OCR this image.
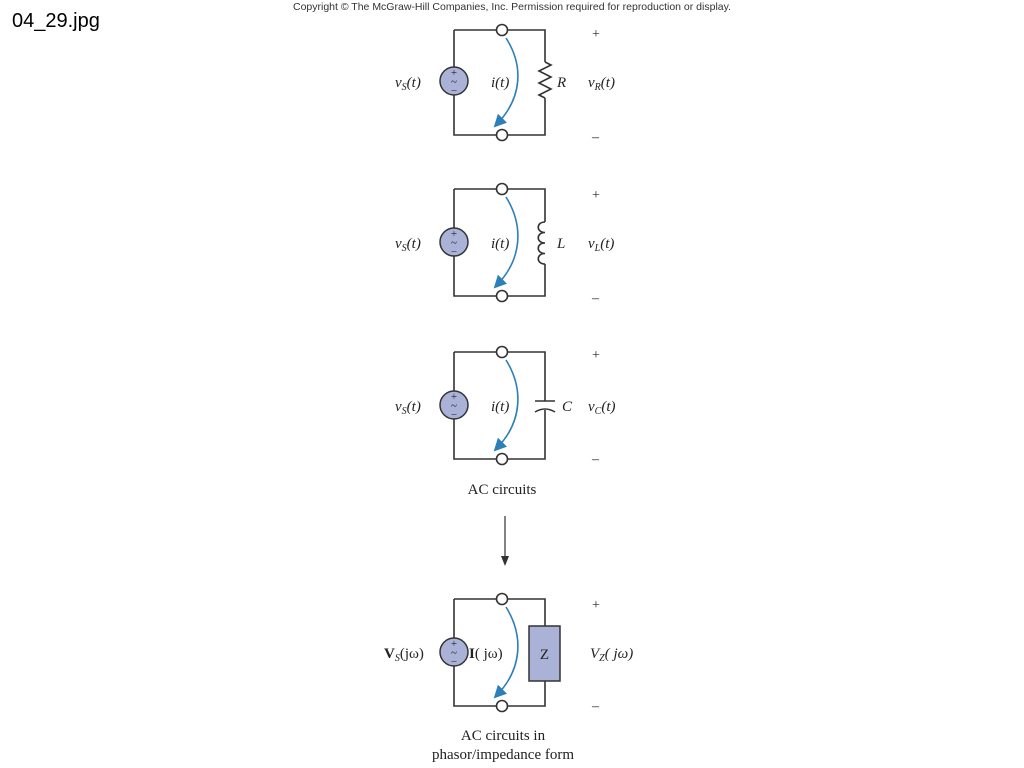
04_29.jpg
Copyright © The McGraw-Hill Companies, Inc. Permission required for reproduction or display.
+
~
–
$v_S(t)$	i(t)	R $v_R(t)$
+
–
+
~
–
$v_S(t)$	i(t)	L $v_L(t)$
+
–
+
~
–
$v_S(t)$	i(t)	C $v_C(t)$
+
–
AC circuits
Z
+
~
–
$V_S(j\omega)$	I( jω)	$V_Z$( jω)
+
–
AC circuits in
phasor/impedance form
